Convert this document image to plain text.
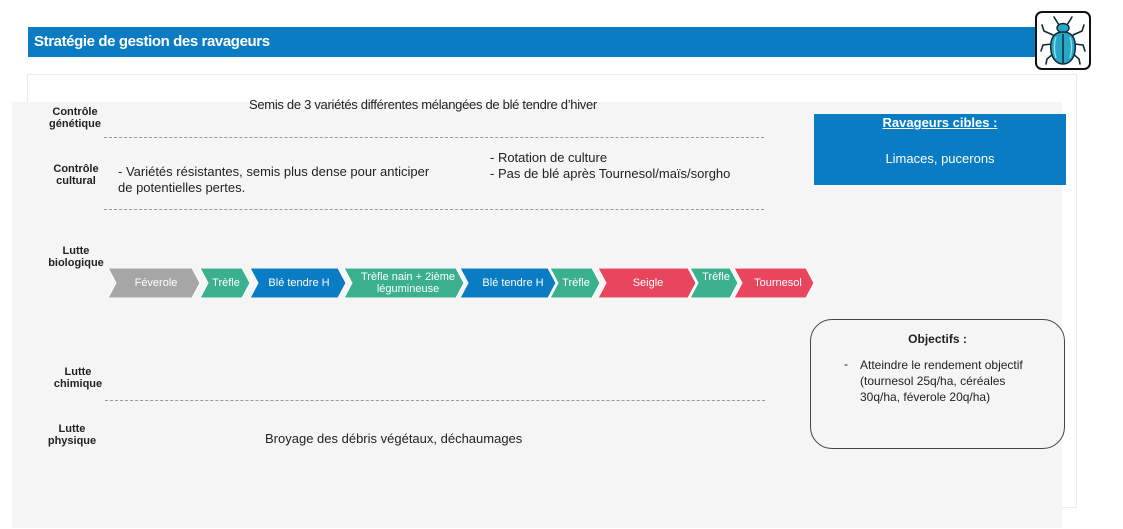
Stratégie de gestion des ravageurs
Contrôle
génétique
Contrôle
cultural
Lutte
biologique
Lutte
chimique
Lutte
physique
Semis de 3 variétés différentes mélangées de blé tendre d’hiver
- Variétés résistantes, semis plus dense pour anticiper
de potentielles pertes.
- Rotation de culture
- Pas de blé après Tournesol/maïs/sorgho
Broyage des débris végétaux, déchaumages
Féverole	Trèfle	Blé tendre H	Trèfle nain + 2ième légumineuse	Blé tendre H	Trèfle	Seigle	Trèfle	Tournesol
Ravageurs cibles :
Limaces, pucerons
Objectifs :
- Atteindre le rendement objectif (tournesol 25q/ha, céréales 30q/ha, féverole 20q/ha)
